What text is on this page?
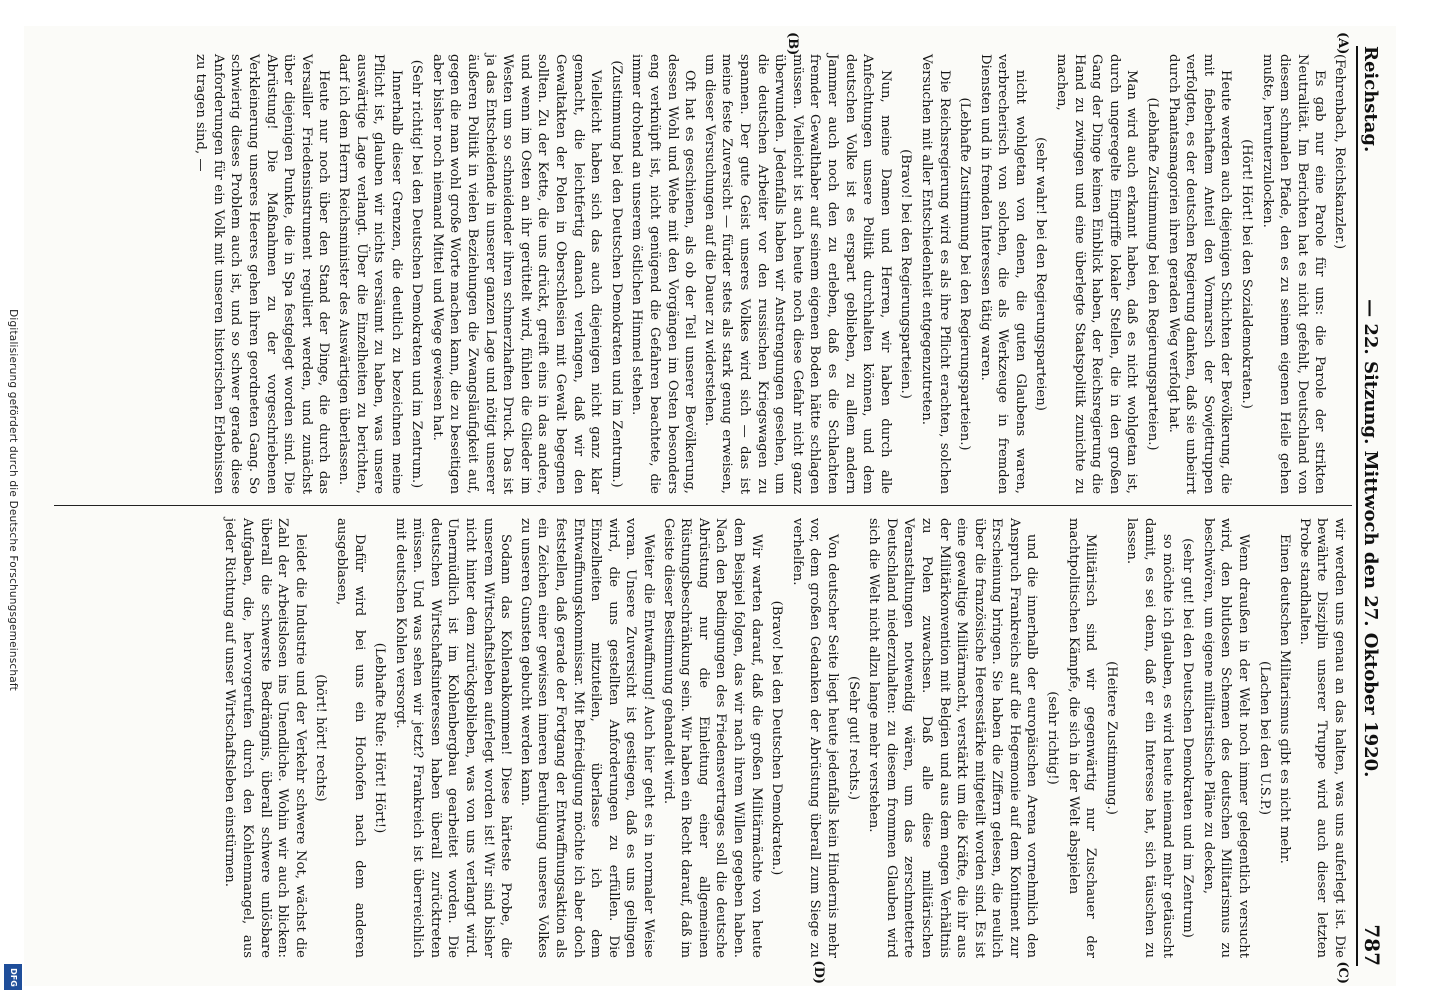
Digitalisierung gefördert durch die Deutsche Forschungsgemeinschaft
DFG
Reichstag.
— 22. Sitzung. Mittwoch den 27. Oktober 1920.
787
(A)
(B)
(C)
(D)

(Fehrenbach, Reichskanzler.)

Es gab nur eine Parole für uns: die Parole der strikten Neutralität. Im Berichten hat es nicht gefehlt, Deutschland von diesem schmalen Pfade, den es zu seinem eigenen Heile gehen mußte, herunterzulocken.

(Hört! Hört! bei den Sozialdemokraten.)

Heute werden auch diejenigen Schichten der Bevölkerung, die mit fieberhaftem Anteil den Vormarsch der Sowjettruppen verfolgten, es der deutschen Regierung danken, daß sie unbeirrt durch Phantasmagorien ihren geraden Weg verfolgt hat.

(Lebhafte Zustimmung bei den Regierungsparteien.)

Man wird auch erkannt haben, daß es nicht wohlgetan ist, durch ungeregelte Eingriffe lokaler Stellen, die in den großen Gang der Dinge keinen Einblick haben, der Reichsregierung die Hand zu zwingen und eine überlegte Staatspolitik zunichte zu machen,

(sehr wahr! bei den Regierungsparteien)

nicht wohlgetan von denen, die guten Glaubens waren, verbrecherisch von solchen, die als Werkzeuge in fremden Diensten und in fremden Interessen tätig waren.

(Lebhafte Zustimmung bei den Regierungsparteien.)

Die Reichsregierung wird es als ihre Pflicht erachten, solchen Versuchen mit aller Entschiedenheit entgegenzutreten.

(Bravo! bei den Regierungsparteien.)

Nun, meine Damen und Herren, wir haben durch alle Anfechtungen unsere Politik durchhalten können, und dem deutschen Volke ist es erspart geblieben, zu allem andern Jammer auch noch den zu erleben, daß es die Schlachten fremder Gewalthaber auf seinem eigenen Boden hätte schlagen müssen. Vielleicht ist auch heute noch diese Gefahr nicht ganz überwunden. Jedenfalls haben wir Anstrengungen gesehen, um die deutschen Arbeiter vor den russischen Kriegswagen zu spannen. Der gute Geist unseres Volkes wird sich — das ist meine feste Zuversicht — fürder stets als stark genug erweisen, um dieser Versuchungen auf die Dauer zu widerstehen.

Oft hat es geschienen, als ob der Teil unserer Bevölkerung, dessen Wohl und Wehe mit den Vorgängen im Osten besonders eng verknüpft ist, nicht genügend die Gefahren beachtete, die immer drohend an unserem östlichen Himmel stehen.

(Zustimmung bei den Deutschen Demokraten und im Zentrum.)

Vielleicht haben sich das auch diejenigen nicht ganz klar gemacht, die leichtfertig danach verlangen, daß wir den Gewaltakten der Polen in Oberschlesien mit Gewalt begegnen sollten. Zu der Kette, die uns drückt, greift eins in das andere, und wenn im Osten an ihr gerüttelt wird, fühlen die Glieder im Westen um so schneidender ihren schmerzhaften Druck. Das ist ja das Entscheidende in unserer ganzen Lage und nötigt unserer äußeren Politik in vielen Beziehungen die Zwangsläufigkeit auf, gegen die man wohl große Worte machen kann, die zu beseitigen aber bisher noch niemand Mittel und Wege gewiesen hat.

(Sehr richtig! bei den Deutschen Demokraten und im Zentrum.)

Innerhalb dieser Grenzen, die deutlich zu bezeichnen meine Pflicht ist, glauben wir nichts versäumt zu haben, was unsere auswärtige Lage verlangt. Über die Einzelheiten zu berichten, darf ich dem Herrn Reichsminister des Auswärtigen überlassen.

Heute nur noch über den Stand der Dinge, die durch das Versailler Friedensinstrument reguliert werden, und zunächst über diejenigen Punkte, die in Spa festgelegt worden sind. Die Abrüstung! Die Maßnahmen zu der vorgeschriebenen Verkleinerung unseres Heeres gehen ihren geordneten Gang. So schwierig dieses Problem auch ist, und so schwer gerade diese Anforderungen für ein Volk mit unseren historischen Erlebnissen zu tragen sind, —

wir werden uns genau an das halten, was uns auferlegt ist. Die bewährte Disziplin unserer Truppe wird auch dieser letzten Probe standhalten.

Einen deutschen Militarismus gibt es nicht mehr.

(Lachen bei den U.S.P.)

Wenn draußen in der Welt noch immer gelegentlich versucht wird, den blutlosen Schemen des deutschen Militarismus zu beschwören, um eigene militaristische Pläne zu decken,

(sehr gut! bei den Deutschen Demokraten und im Zentrum)

so möchte ich glauben, es wird heute niemand mehr getäuscht damit, es sei denn, daß er ein Interesse hat, sich täuschen zu lassen.

(Heitere Zustimmung.)

Militärisch sind wir gegenwärtig nur Zuschauer der machtpolitischen Kämpfe, die sich in der Welt abspielen

(sehr richtig!)

und die innerhalb der europäischen Arena vornehmlich den Anspruch Frankreichs auf die Hegemonie auf dem Kontinent zur Erscheinung bringen. Sie haben die Ziffern gelesen, die neulich über die französische Heeresstärke mitgeteilt worden sind. Es ist eine gewaltige Militärmacht, verstärkt um die Kräfte, die ihr aus der Militärkonvention mit Belgien und aus dem engen Verhältnis zu Polen zuwachsen. Daß alle diese militärischen Veranstaltungen notwendig wären, um das zerschmetterte Deutschland niederzuhalten: zu diesem frommen Glauben wird sich die Welt nicht allzu lange mehr verstehen.

(Sehr gut! rechts.)

Von deutscher Seite liegt heute jedenfalls kein Hindernis mehr vor, dem großen Gedanken der Abrüstung überall zum Siege zu verhelfen.

(Bravo! bei den Deutschen Demokraten.)

Wir warten darauf, daß die großen Militärmächte von heute dem Beispiel folgen, das wir nach ihrem Willen gegeben haben. Nach den Bedingungen des Friedensvertrages soll die deutsche Abrüstung nur die Einleitung einer allgemeinen Rüstungsbeschränkung sein. Wir haben ein Recht darauf, daß im Geiste dieser Bestimmung gehandelt wird.

Weiter die Entwaffnung! Auch hier geht es in normaler Weise voran. Unsere Zuversicht ist gestiegen, daß es uns gelingen wird, die uns gestellten Anforderungen zu erfüllen. Die Einzelheiten mitzuteilen, überlasse ich dem Entwaffnungskommissar. Mit Befriedigung möchte ich aber doch feststellen, daß gerade der Fortgang der Entwaffnungsaktion als ein Zeichen einer gewissen inneren Beruhigung unseres Volkes zu unseren Gunsten gebucht werden kann.

Sodann das Kohlenabkommen! Diese härteste Probe, die unserem Wirtschaftsleben auferlegt worden ist! Wir sind bisher nicht hinter dem zurückgeblieben, was von uns verlangt wird. Unermüdlich ist im Kohlenbergbau gearbeitet worden. Die deutschen Wirtschaftsinteressen haben überall zurücktreten müssen. Und was sehen wir jetzt? Frankreich ist überreichlich mit deutschen Kohlen versorgt.

(Lebhafte Rufe: Hört! Hört!)

Dafür wird bei uns ein Hochofen nach dem anderen ausgeblasen,

(hört! hört! rechts)

leidet die Industrie und der Verkehr schwere Not, wächst die Zahl der Arbeitslosen ins Unendliche. Wohin wir auch blicken: überall die schwerste Bedrängnis, überall schwere unlösbare Aufgaben, die, hervorgerufen durch den Kohlenmangel, aus jeder Richtung auf unser Wirtschaftsleben einstürmen.
